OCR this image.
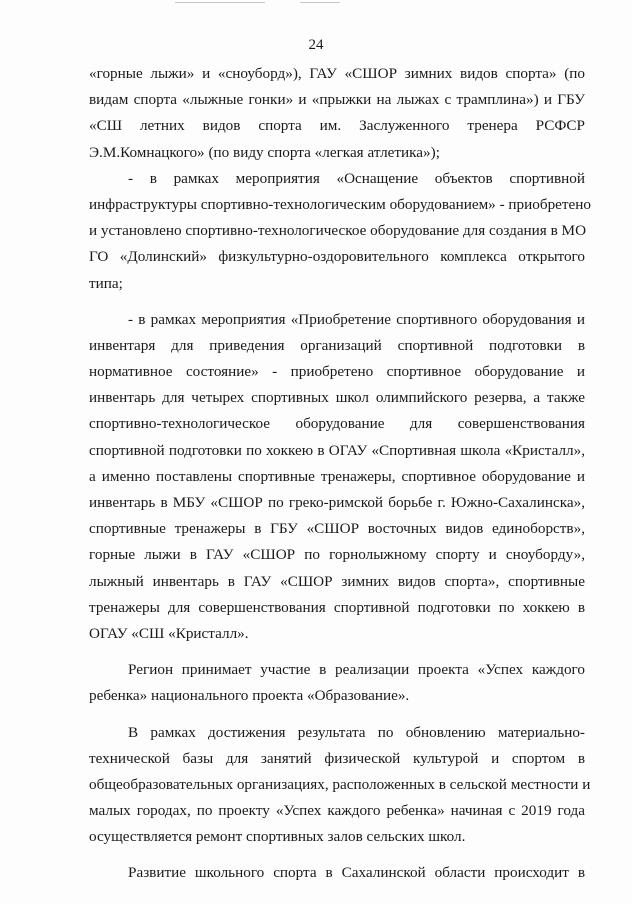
24
«горные лыжи» и «сноуборд»), ГАУ «СШОР зимних видов спорта» (по
видам спорта «лыжные гонки» и «прыжки на лыжах с трамплина») и ГБУ
«СШ летних видов спорта им. Заслуженного тренера РСФСР
Э.М.Комнацкого» (по виду спорта «легкая атлетика»);
- в рамках мероприятия «Оснащение объектов спортивной
инфраструктуры спортивно-технологическим оборудованием» - приобретено
и установлено спортивно-технологическое оборудование для создания в МО
ГО «Долинский» физкультурно-оздоровительного комплекса открытого
типа;
- в рамках мероприятия «Приобретение спортивного оборудования и
инвентаря для приведения организаций спортивной подготовки в
нормативное состояние» - приобретено спортивное оборудование и
инвентарь для четырех спортивных школ олимпийского резерва, а также
спортивно-технологическое оборудование для совершенствования
спортивной подготовки по хоккею в ОГАУ «Спортивная школа «Кристалл»,
а именно поставлены спортивные тренажеры, спортивное оборудование и
инвентарь в МБУ «СШОР по греко-римской борьбе г. Южно-Сахалинска»,
спортивные тренажеры в ГБУ «СШОР восточных видов единоборств»,
горные лыжи в ГАУ «СШОР по горнолыжному спорту и сноуборду»,
лыжный инвентарь в ГАУ «СШОР зимних видов спорта», спортивные
тренажеры для совершенствования спортивной подготовки по хоккею в
ОГАУ «СШ «Кристалл».
Регион принимает участие в реализации проекта «Успех каждого
ребенка» национального проекта «Образование».
В рамках достижения результата по обновлению материально-
технической базы для занятий физической культурой и спортом в
общеобразовательных организациях, расположенных в сельской местности и
малых городах, по проекту «Успех каждого ребенка» начиная с 2019 года
осуществляется ремонт спортивных залов сельских школ.
Развитие школьного спорта в Сахалинской области происходит в
